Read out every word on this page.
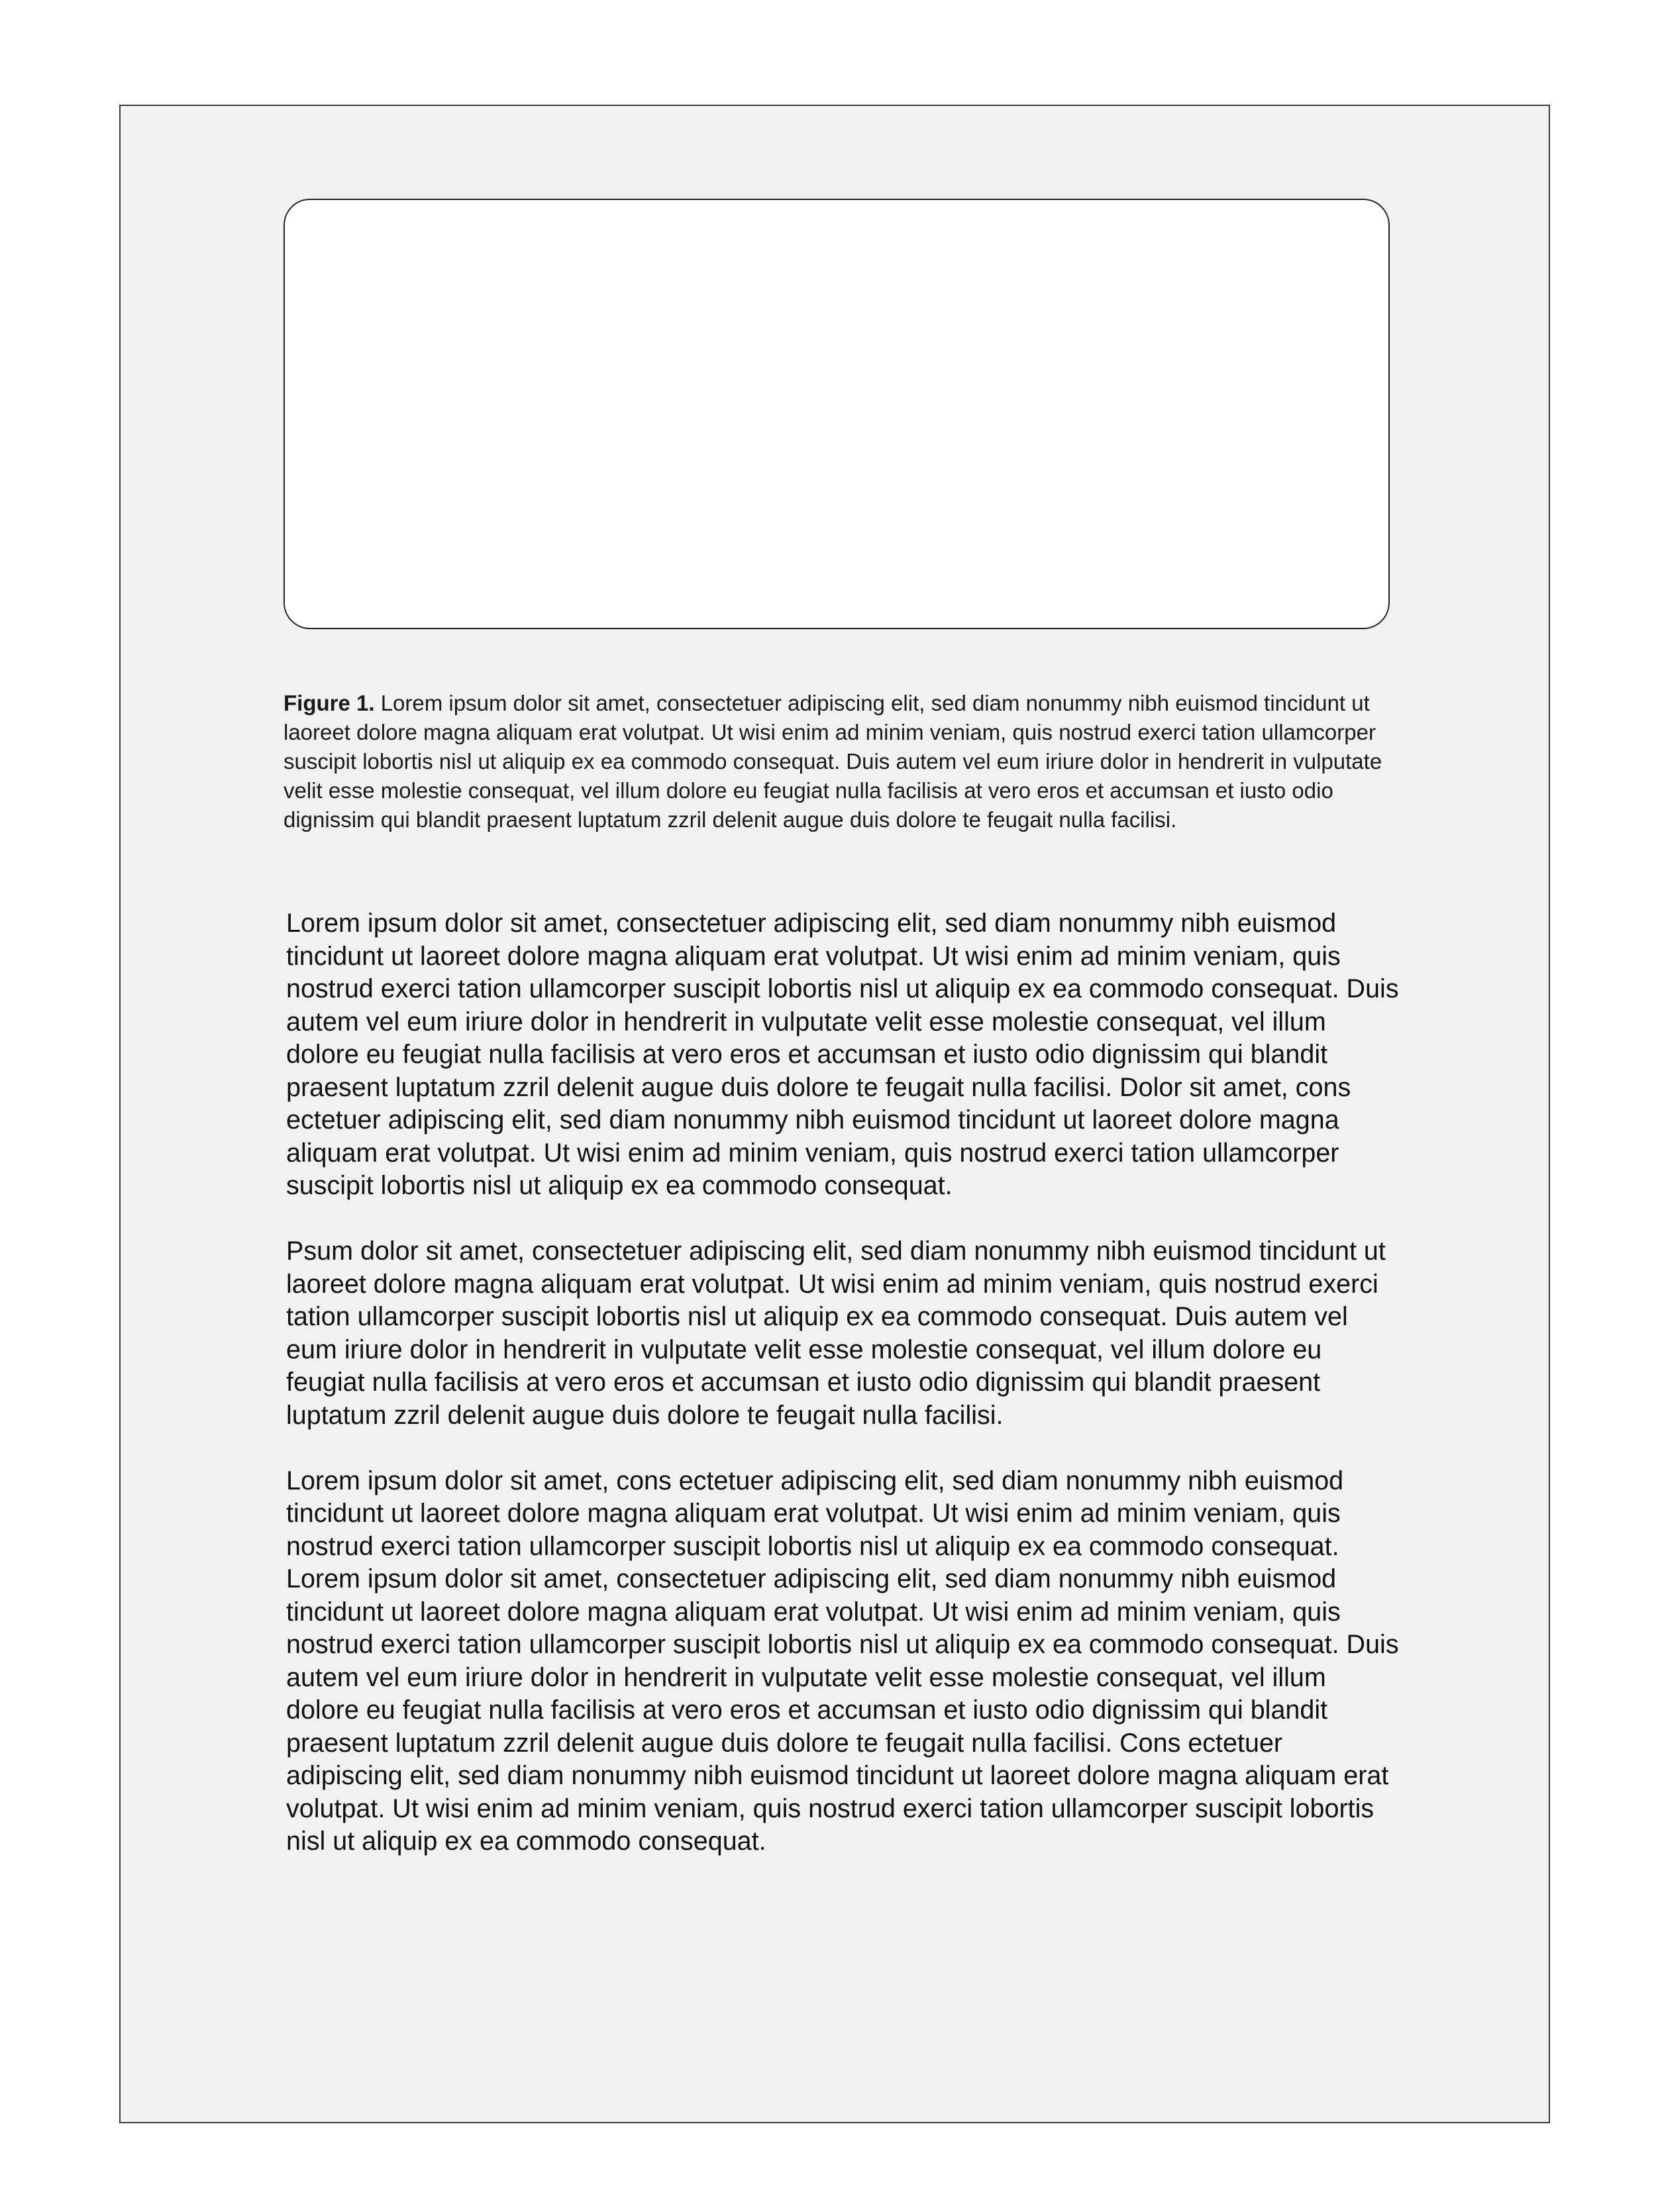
Figure 1. Lorem ipsum dolor sit amet, consectetuer adipiscing elit, sed diam nonummy nibh euismod tincidunt ut laoreet dolore magna aliquam erat volutpat. Ut wisi enim ad minim veniam, quis nostrud exerci tation ullamcorper suscipit lobortis nisl ut aliquip ex ea commodo consequat. Duis autem vel eum iriure dolor in hendrerit in vulputate velit esse molestie consequat, vel illum dolore eu feugiat nulla facilisis at vero eros et accumsan et iusto odio dignissim qui blandit praesent luptatum zzril delenit augue duis dolore te feugait nulla facilisi.

Lorem ipsum dolor sit amet, consectetuer adipiscing elit, sed diam nonummy nibh euismod tincidunt ut laoreet dolore magna aliquam erat volutpat. Ut wisi enim ad minim veniam, quis nostrud exerci tation ullamcorper suscipit lobortis nisl ut aliquip ex ea commodo consequat. Duis autem vel eum iriure dolor in hendrerit in vulputate velit esse molestie consequat, vel illum dolore eu feugiat nulla facilisis at vero eros et accumsan et iusto odio dignissim qui blandit praesent luptatum zzril delenit augue duis dolore te feugait nulla facilisi. Dolor sit amet, cons ectetuer adipiscing elit, sed diam nonummy nibh euismod tincidunt ut laoreet dolore magna aliquam erat volutpat. Ut wisi enim ad minim veniam, quis nostrud exerci tation ullamcorper suscipit lobortis nisl ut aliquip ex ea commodo consequat.

Psum dolor sit amet, consectetuer adipiscing elit, sed diam nonummy nibh euismod tincidunt ut laoreet dolore magna aliquam erat volutpat. Ut wisi enim ad minim veniam, quis nostrud exerci tation ullamcorper suscipit lobortis nisl ut aliquip ex ea commodo consequat. Duis autem vel eum iriure dolor in hendrerit in vulputate velit esse molestie consequat, vel illum dolore eu feugiat nulla facilisis at vero eros et accumsan et iusto odio dignissim qui blandit praesent luptatum zzril delenit augue duis dolore te feugait nulla facilisi.

Lorem ipsum dolor sit amet, cons ectetuer adipiscing elit, sed diam nonummy nibh euismod tincidunt ut laoreet dolore magna aliquam erat volutpat. Ut wisi enim ad minim veniam, quis nostrud exerci tation ullamcorper suscipit lobortis nisl ut aliquip ex ea commodo consequat.

Lorem ipsum dolor sit amet, consectetuer adipiscing elit, sed diam nonummy nibh euismod tincidunt ut laoreet dolore magna aliquam erat volutpat. Ut wisi enim ad minim veniam, quis nostrud exerci tation ullamcorper suscipit lobortis nisl ut aliquip ex ea commodo consequat. Duis autem vel eum iriure dolor in hendrerit in vulputate velit esse molestie consequat, vel illum dolore eu feugiat nulla facilisis at vero eros et accumsan et iusto odio dignissim qui blandit praesent luptatum zzril delenit augue duis dolore te feugait nulla facilisi. Cons ectetuer adipiscing elit, sed diam nonummy nibh euismod tincidunt ut laoreet dolore magna aliquam erat volutpat. Ut wisi enim ad minim veniam, quis nostrud exerci tation ullamcorper suscipit lobortis nisl ut aliquip ex ea commodo consequat.
